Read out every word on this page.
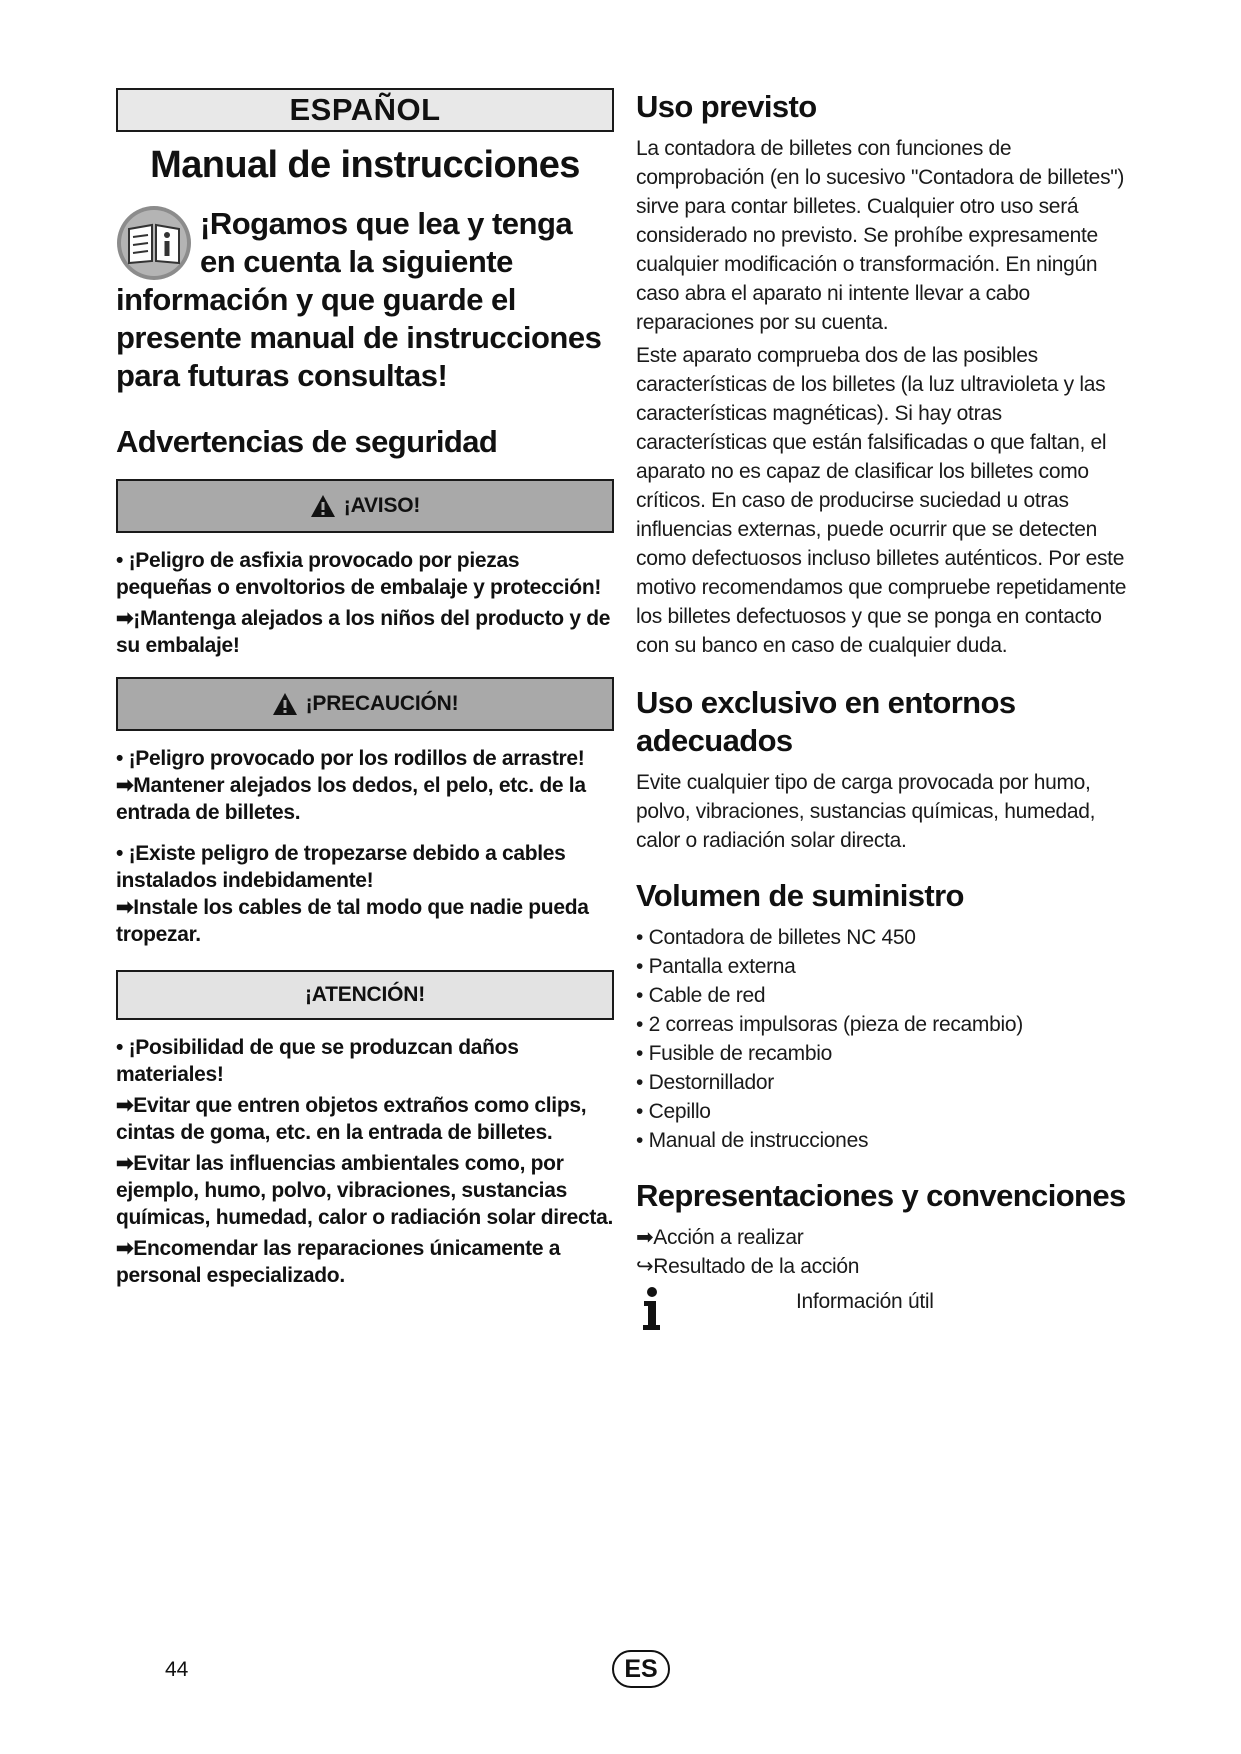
ESPAÑOL
Manual de instrucciones
¡Rogamos que lea y tenga en cuenta la siguiente información y que guarde el presente manual de instrucciones para futuras consultas!
Advertencias de seguridad
¡AVISO!

• ¡Peligro de asfixia provocado por piezas pequeñas o envoltorios de embalaje y protección!

➡¡Mantenga alejados a los niños del producto y de su embalaje!

¡PRECAUCIÓN!

• ¡Peligro provocado por los rodillos de arrastre!

➡Mantener alejados los dedos, el pelo, etc. de la entrada de billetes.

• ¡Existe peligro de tropezarse debido a cables instalados indebidamente!

➡Instale los cables de tal modo que nadie pueda tropezar.

¡ATENCIÓN!

• ¡Posibilidad de que se produzcan daños materiales!

➡Evitar que entren objetos extraños como clips, cintas de goma, etc. en la entrada de billetes.

➡Evitar las influencias ambientales como, por ejemplo, humo, polvo, vibraciones, sustancias químicas, humedad, calor o radiación solar directa.

➡Encomendar las reparaciones únicamente a personal especializado.

Uso previsto

La contadora de billetes con funciones de comprobación (en lo sucesivo "Contadora de billetes") sirve para contar billetes. Cualquier otro uso será considerado no previsto. Se prohíbe expresamente cualquier modificación o transformación. En ningún caso abra el aparato ni intente llevar a cabo reparaciones por su cuenta.

Este aparato comprueba dos de las posibles características de los billetes (la luz ultravioleta y las características magnéticas). Si hay otras características que están falsificadas o que faltan, el aparato no es capaz de clasificar los billetes como críticos. En caso de producirse suciedad u otras influencias externas, puede ocurrir que se detecten como defectuosos incluso billetes auténticos. Por este motivo recomendamos que compruebe repetidamente los billetes defectuosos y que se ponga en contacto con su banco en caso de cualquier duda.

Uso exclusivo en entornos adecuados

Evite cualquier tipo de carga provocada por humo, polvo, vibraciones, sustancias químicas, humedad, calor o radiación solar directa.

Volumen de suministro
• Contadora de billetes NC 450
• Pantalla externa
• Cable de red
• 2 correas impulsoras (pieza de recambio)
• Fusible de recambio
• Destornillador
• Cepillo
• Manual de instrucciones
Representaciones y convenciones

➡Acción a realizar

↪Resultado de la acción

Información útil

44	ES
